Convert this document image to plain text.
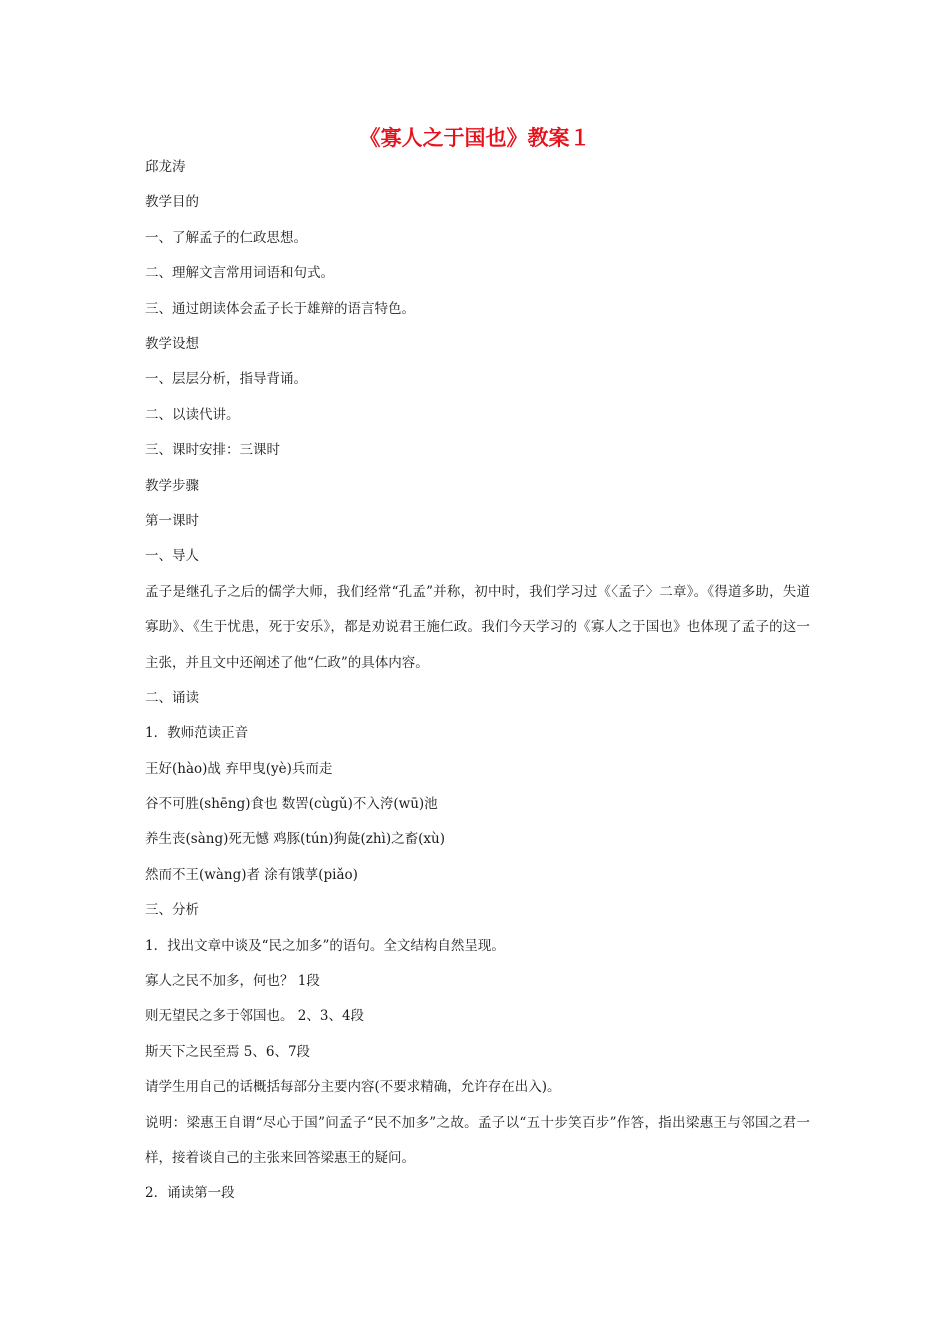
《寡人之于国也》教案１
邱龙涛
教学目的
一、了解孟子的仁政思想。
二、理解文言常用词语和句式。
三、通过朗读体会孟子长于雄辩的语言特色。
教学设想
一、层层分析，指导背诵。
二、以读代讲。
三、课时安排：三课时
教学步骤
第一课时
一、导人
孟子是继孔子之后的儒学大师，我们经常“孔孟”并称，初中时，我们学习过《〈孟子〉二章》。《得道多助，失道寡助》、《生于忧患，死于安乐》，都是劝说君王施仁政。我们今天学习的《寡人之于国也》也体现了孟子的这一主张，并且文中还阐述了他“仁政”的具体内容。
二、诵读
1．教师范读正音
王好(hào)战 弃甲曳(yè)兵而走
谷不可胜(shēng)食也 数罟(cùgǔ)不入洿(wū)池
养生丧(sàng)死无憾 鸡豚(tún)狗彘(zhì)之畜(xù)
然而不王(wàng)者 涂有饿莩(piǎo)
三、分析
1．找出文章中谈及“民之加多”的语句。全文结构自然呈现。
寡人之民不加多，何也？ 1段
则无望民之多于邻国也。 2、3、4段
斯天下之民至焉 5、6、7段
请学生用自己的话概括每部分主要内容(不要求精确，允许存在出入)。
说明：梁惠王自谓“尽心于国”问孟子“民不加多”之故。孟子以“五十步笑百步”作答，指出梁惠王与邻国之君一样，接着谈自己的主张来回答梁惠王的疑问。
2．诵读第一段
